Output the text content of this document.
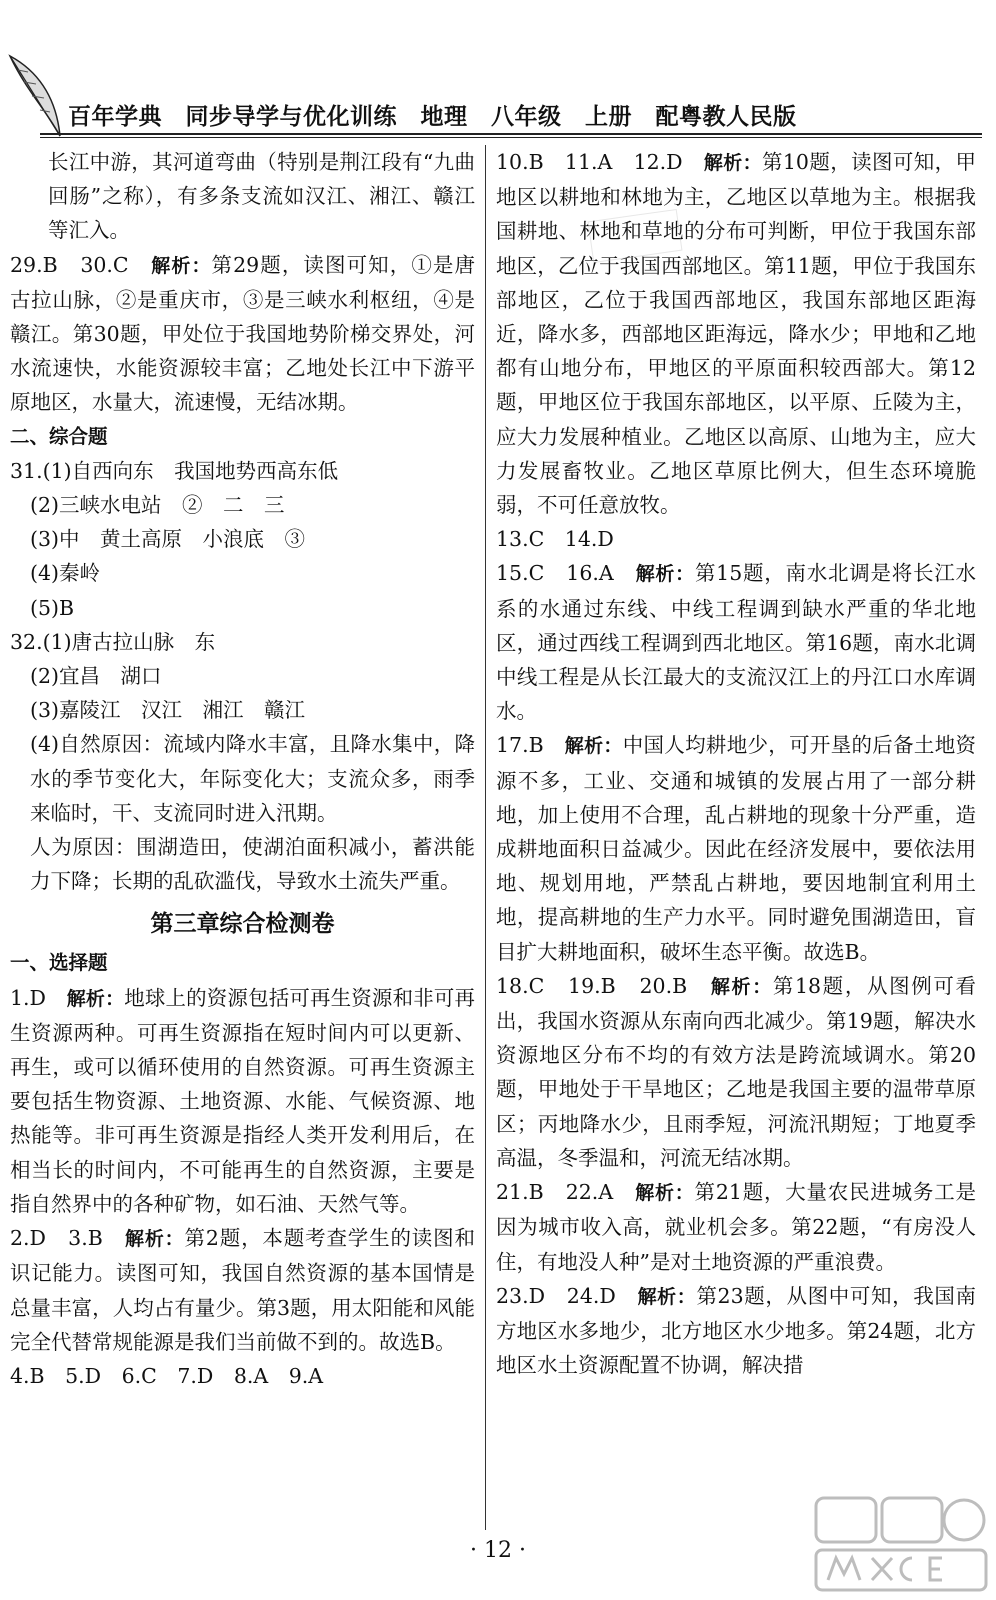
百年学典　同步导学与优化训练　地理　八年级　上册　配粤教人民版
长江中游，其河道弯曲（特别是荆江段有“九曲回肠”之称），有多条支流如汉江、湘江、赣江等汇入。
29.B　30.C　解析：第29题，读图可知，①是唐古拉山脉，②是重庆市，③是三峡水利枢纽，④是赣江。第30题，甲处位于我国地势阶梯交界处，河水流速快，水能资源较丰富；乙地处长江中下游平原地区，水量大，流速慢，无结冰期。
二、综合题
31.(1)自西向东　我国地势西高东低
(2)三峡水电站　②　二　三
(3)中　黄土高原　小浪底　③
(4)秦岭
(5)B
32.(1)唐古拉山脉　东
(2)宜昌　湖口
(3)嘉陵江　汉江　湘江　赣江
(4)自然原因：流域内降水丰富，且降水集中，降水的季节变化大，年际变化大；支流众多，雨季来临时，干、支流同时进入汛期。
人为原因：围湖造田，使湖泊面积减小，蓄洪能力下降；长期的乱砍滥伐，导致水土流失严重。
第三章综合检测卷
一、选择题
1.D　解析：地球上的资源包括可再生资源和非可再生资源两种。可再生资源指在短时间内可以更新、再生，或可以循环使用的自然资源。可再生资源主要包括生物资源、土地资源、水能、气候资源、地热能等。非可再生资源是指经人类开发利用后，在相当长的时间内，不可能再生的自然资源，主要是指自然界中的各种矿物，如石油、天然气等。
2.D　3.B　解析：第2题，本题考查学生的读图和识记能力。读图可知，我国自然资源的基本国情是总量丰富，人均占有量少。第3题，用太阳能和风能完全代替常规能源是我们当前做不到的。故选B。
4.B　5.D　6.C　7.D　8.A　9.A
10.B　11.A　12.D　解析：第10题，读图可知，甲地区以耕地和林地为主，乙地区以草地为主。根据我国耕地、林地和草地的分布可判断，甲位于我国东部地区，乙位于我国西部地区。第11题，甲位于我国东部地区，乙位于我国西部地区，我国东部地区距海近，降水多，西部地区距海远，降水少；甲地和乙地都有山地分布，甲地区的平原面积较西部大。第12题，甲地区位于我国东部地区，以平原、丘陵为主，应大力发展种植业。乙地区以高原、山地为主，应大力发展畜牧业。乙地区草原比例大，但生态环境脆弱，不可任意放牧。
13.C　14.D
15.C　16.A　解析：第15题，南水北调是将长江水系的水通过东线、中线工程调到缺水严重的华北地区，通过西线工程调到西北地区。第16题，南水北调中线工程是从长江最大的支流汉江上的丹江口水库调水。
17.B　解析：中国人均耕地少，可开垦的后备土地资源不多，工业、交通和城镇的发展占用了一部分耕地，加上使用不合理，乱占耕地的现象十分严重，造成耕地面积日益减少。因此在经济发展中，要依法用地、规划用地，严禁乱占耕地，要因地制宜利用土地，提高耕地的生产力水平。同时避免围湖造田，盲目扩大耕地面积，破坏生态平衡。故选B。
18.C　19.B　20.B　解析：第18题，从图例可看出，我国水资源从东南向西北减少。第19题，解决水资源地区分布不均的有效方法是跨流域调水。第20题，甲地处于干旱地区；乙地是我国主要的温带草原区；丙地降水少，且雨季短，河流汛期短；丁地夏季高温，冬季温和，河流无结冰期。
21.B　22.A　解析：第21题，大量农民进城务工是因为城市收入高，就业机会多。第22题，“有房没人住，有地没人种”是对土地资源的严重浪费。
23.D　24.D　解析：第23题，从图中可知，我国南方地区水多地少，北方地区水少地多。第24题，北方地区水土资源配置不协调，解决措
· 12 ·
